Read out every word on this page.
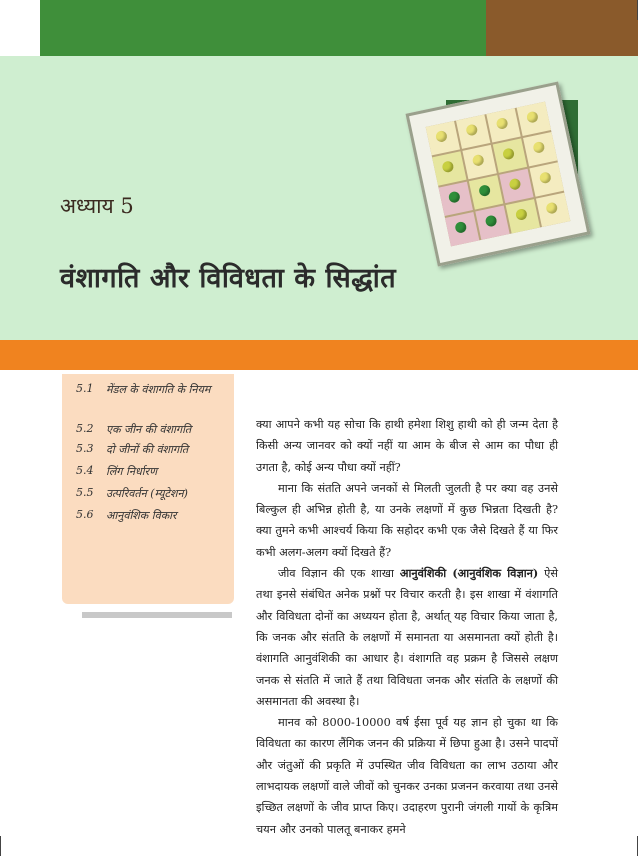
अध्याय 5
वंशागति और विविधता के सिद्धांत
5.1	मेंडल के वंशागति के नियम
5.2	एक जीन की वंशागति
5.3	दो जीनों की वंशागति
5.4	लिंग निर्धारण
5.5	उत्परिवर्तन (म्यूटेशन)
5.6	आनुवंशिक विकार

क्या आपने कभी यह सोचा कि हाथी हमेशा शिशु हाथी को ही जन्म देता है किसी अन्य जानवर को क्यों नहीं या आम के बीज से आम का पौधा ही उगता है, कोई अन्य पौधा क्यों नहीं?

माना कि संतति अपने जनकों से मिलती जुलती है पर क्या वह उनसे बिल्कुल ही अभिन्न होती है, या उनके लक्षणों में कुछ भिन्नता दिखती है? क्या तुमने कभी आश्चर्य किया कि सहोदर कभी एक जैसे दिखते हैं या फिर कभी अलग-अलग क्यों दिखते हैं?

जीव विज्ञान की एक शाखा आनुवंशिकी (आनुवंशिक विज्ञान) ऐसे तथा इनसे संबंधित अनेक प्रश्नों पर विचार करती है। इस शाखा में वंशागति और विविधता दोनों का अध्ययन होता है, अर्थात् यह विचार किया जाता है, कि जनक और संतति के लक्षणों में समानता या असमानता क्यों होती है। वंशागति आनुवंशिकी का आधार है। वंशागति वह प्रक्रम है जिससे लक्षण जनक से संतति में जाते हैं तथा विविधता जनक और संतति के लक्षणों की असमानता की अवस्था है।

मानव को 8000-10000 वर्ष ईसा पूर्व यह ज्ञान हो चुका था कि विविधता का कारण लैंगिक जनन की प्रक्रिया में छिपा हुआ है। उसने पादपों और जंतुओं की प्रकृति में उपस्थित जीव विविधता का लाभ उठाया और लाभदायक लक्षणों वाले जीवों को चुनकर उनका प्रजनन करवाया तथा उनसे इच्छित लक्षणों के जीव प्राप्त किए। उदाहरण पुरानी जंगली गायों के कृत्रिम चयन और उनको पालतू बनाकर हमने
